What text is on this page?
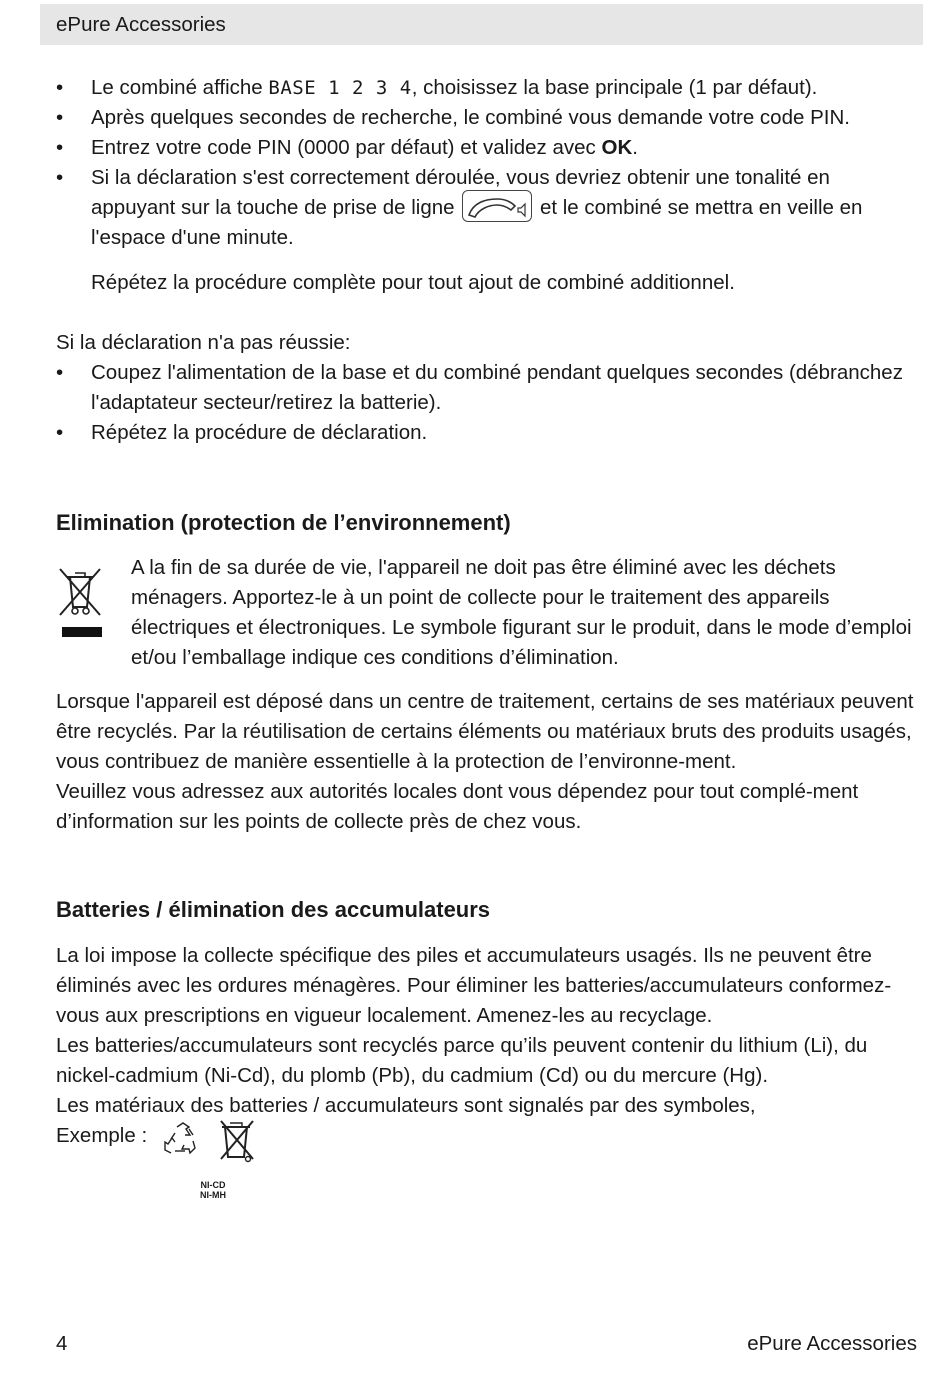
ePure Accessories
• Le combiné affiche BASE 1 2 3 4, choisissez la base principale (1 par défaut).
• Après quelques secondes de recherche, le combiné vous demande votre code PIN.
• Entrez votre code PIN (0000 par défaut) et validez avec OK.
• Si la déclaration s'est correctement déroulée, vous devriez obtenir une tonalité en appuyant sur la touche de prise de ligne	et le combiné se mettra en veille en l'espace d'une minute.

Répétez la procédure complète pour tout ajout de combiné additionnel.

Si la déclaration n'a pas réussie:

• Coupez l'alimentation de la base et du combiné pendant quelques secondes (débranchez l'adaptateur secteur/retirez la batterie).
• Répétez la procédure de déclaration.
Elimination (protection de l’environnement)

A la fin de sa durée de vie, l'appareil ne doit pas être éliminé avec les déchets ménagers. Apportez-le à un point de collecte pour le traitement des appareils électriques et électroniques. Le symbole figurant sur le produit, dans le mode d’emploi et/ou l’emballage indique ces conditions d’élimination.

Lorsque l'appareil est déposé dans un centre de traitement, certains de ses matériaux peuvent être recyclés. Par la réutilisation de certains éléments ou matériaux bruts des produits usagés, vous contribuez de manière essentielle à la protection de l’environne-ment.

Veuillez vous adressez aux autorités locales dont vous dépendez pour tout complé-ment d’information sur les points de collecte près de chez vous.

Batteries / élimination des accumulateurs

La loi impose la collecte spécifique des piles et accumulateurs usagés. Ils ne peuvent être éliminés avec les ordures ménagères. Pour éliminer les batteries/accumulateurs conformez-vous aux prescriptions en vigueur localement. Amenez-les au recyclage.

Les batteries/accumulateurs sont recyclés parce qu’ils peuvent contenir du lithium (Li), du nickel-cadmium (Ni-Cd), du plomb (Pb), du cadmium (Cd) ou du mercure (Hg).

Les matériaux des batteries / accumulateurs sont signalés par des symboles,

Exemple :
NI-CD
NI-MH
4	ePure Accessories
